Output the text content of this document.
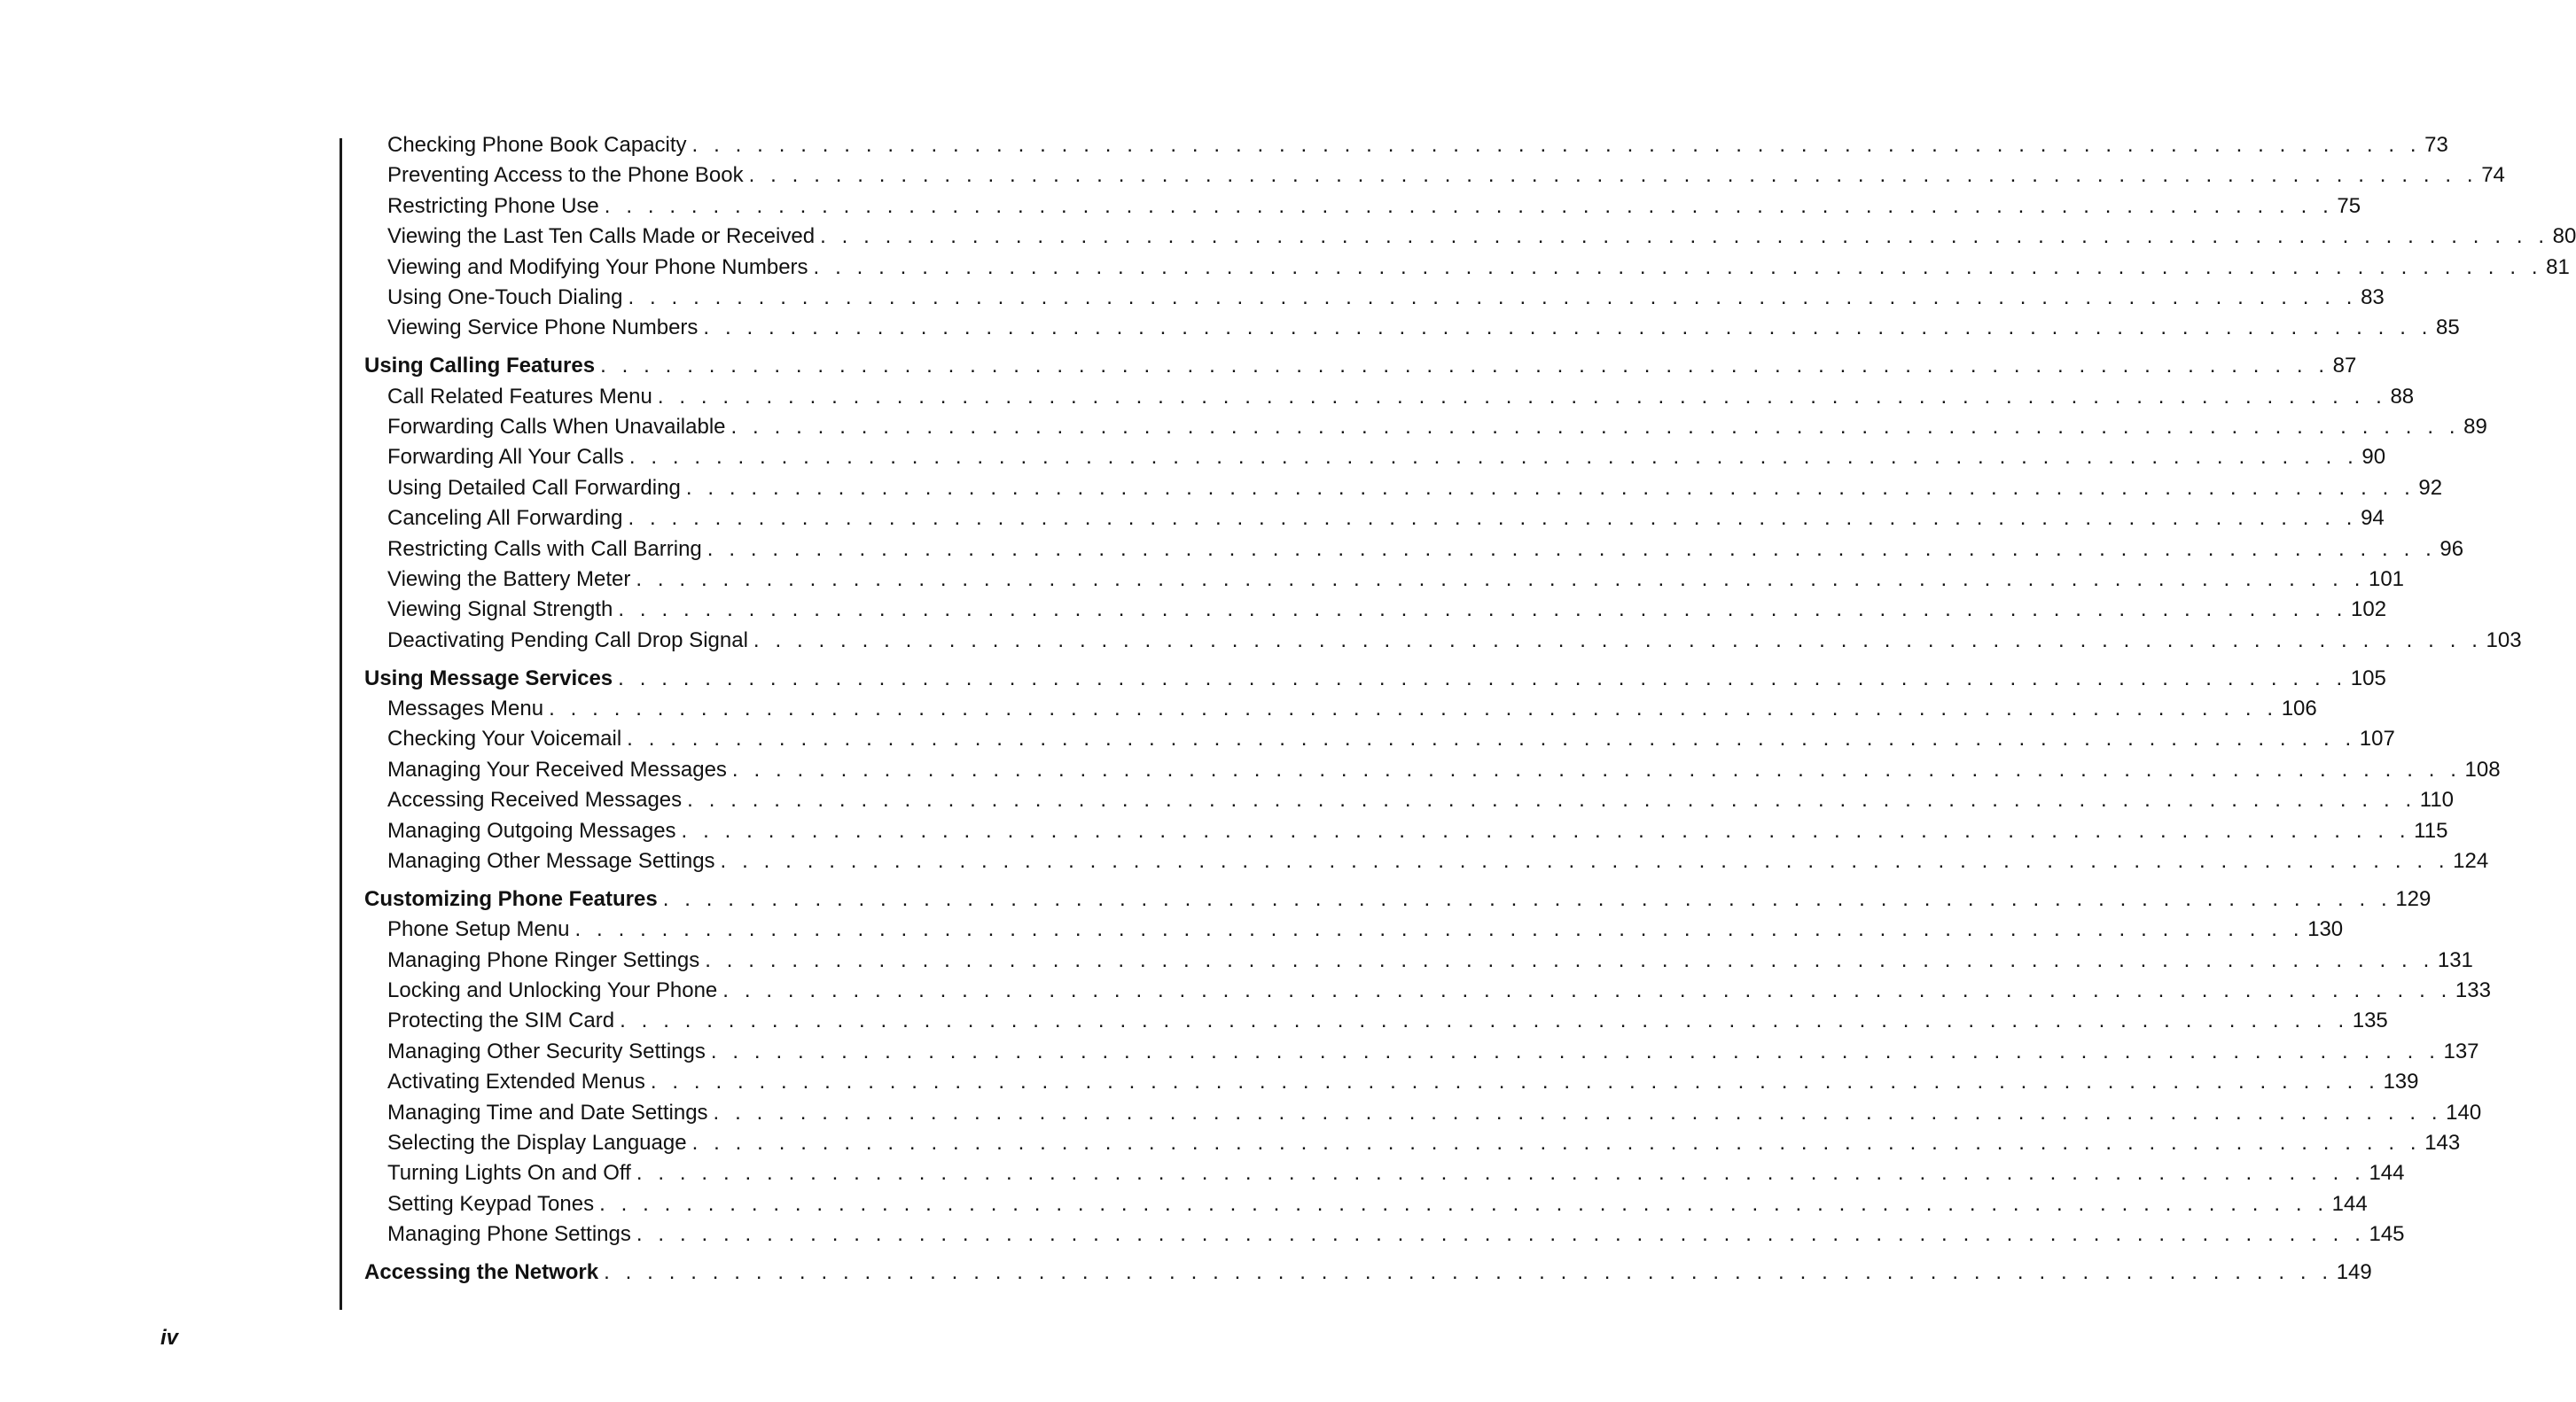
Checking Phone Book Capacity . . . . . . . . . . . . . . . . . . . . . . . . . . . . . . . . . . . . . . . . . . . . . . . . . . . . . . . . . . . . . . . . . . . . . . . . . . . . . . . . 73
Preventing Access to the Phone Book . . . . . . . . . . . . . . . . . . . . . . . . . . . . . . . . . . . . . . . . . . . . . . . . . . . . . . . . . . . . . . . . . . . . . . . . . . . . . . . . 74
Restricting Phone Use . . . . . . . . . . . . . . . . . . . . . . . . . . . . . . . . . . . . . . . . . . . . . . . . . . . . . . . . . . . . . . . . . . . . . . . . . . . . . . . . 75
Viewing the Last Ten Calls Made or Received . . . . . . . . . . . . . . . . . . . . . . . . . . . . . . . . . . . . . . . . . . . . . . . . . . . . . . . . . . . . . . . . . . . . . . . . . . . . . . . . 80
Viewing and Modifying Your Phone Numbers . . . . . . . . . . . . . . . . . . . . . . . . . . . . . . . . . . . . . . . . . . . . . . . . . . . . . . . . . . . . . . . . . . . . . . . . . . . . . . . . 81
Using One-Touch Dialing . . . . . . . . . . . . . . . . . . . . . . . . . . . . . . . . . . . . . . . . . . . . . . . . . . . . . . . . . . . . . . . . . . . . . . . . . . . . . . . . 83
Viewing Service Phone Numbers . . . . . . . . . . . . . . . . . . . . . . . . . . . . . . . . . . . . . . . . . . . . . . . . . . . . . . . . . . . . . . . . . . . . . . . . . . . . . . . . 85
Using Calling Features . . . . . . . . . . . . . . . . . . . . . . . . . . . . . . . . . . . . . . . . . . . . . . . . . . . . . . . . . . . . . . . . . . . . . . . . . . . . . . . . 87
Call Related Features Menu . . . . . . . . . . . . . . . . . . . . . . . . . . . . . . . . . . . . . . . . . . . . . . . . . . . . . . . . . . . . . . . . . . . . . . . . . . . . . . . . 88
Forwarding Calls When Unavailable . . . . . . . . . . . . . . . . . . . . . . . . . . . . . . . . . . . . . . . . . . . . . . . . . . . . . . . . . . . . . . . . . . . . . . . . . . . . . . . . 89
Forwarding All Your Calls . . . . . . . . . . . . . . . . . . . . . . . . . . . . . . . . . . . . . . . . . . . . . . . . . . . . . . . . . . . . . . . . . . . . . . . . . . . . . . . . 90
Using Detailed Call Forwarding . . . . . . . . . . . . . . . . . . . . . . . . . . . . . . . . . . . . . . . . . . . . . . . . . . . . . . . . . . . . . . . . . . . . . . . . . . . . . . . . 92
Canceling All Forwarding . . . . . . . . . . . . . . . . . . . . . . . . . . . . . . . . . . . . . . . . . . . . . . . . . . . . . . . . . . . . . . . . . . . . . . . . . . . . . . . . 94
Restricting Calls with Call Barring . . . . . . . . . . . . . . . . . . . . . . . . . . . . . . . . . . . . . . . . . . . . . . . . . . . . . . . . . . . . . . . . . . . . . . . . . . . . . . . . 96
Viewing the Battery Meter . . . . . . . . . . . . . . . . . . . . . . . . . . . . . . . . . . . . . . . . . . . . . . . . . . . . . . . . . . . . . . . . . . . . . . . . . . . . . . . . 101
Viewing Signal Strength . . . . . . . . . . . . . . . . . . . . . . . . . . . . . . . . . . . . . . . . . . . . . . . . . . . . . . . . . . . . . . . . . . . . . . . . . . . . . . . . 102
Deactivating Pending Call Drop Signal . . . . . . . . . . . . . . . . . . . . . . . . . . . . . . . . . . . . . . . . . . . . . . . . . . . . . . . . . . . . . . . . . . . . . . . . . . . . . . . . 103
Using Message Services . . . . . . . . . . . . . . . . . . . . . . . . . . . . . . . . . . . . . . . . . . . . . . . . . . . . . . . . . . . . . . . . . . . . . . . . . . . . . . . . 105
Messages Menu . . . . . . . . . . . . . . . . . . . . . . . . . . . . . . . . . . . . . . . . . . . . . . . . . . . . . . . . . . . . . . . . . . . . . . . . . . . . . . . . 106
Checking Your Voicemail . . . . . . . . . . . . . . . . . . . . . . . . . . . . . . . . . . . . . . . . . . . . . . . . . . . . . . . . . . . . . . . . . . . . . . . . . . . . . . . . 107
Managing Your Received Messages . . . . . . . . . . . . . . . . . . . . . . . . . . . . . . . . . . . . . . . . . . . . . . . . . . . . . . . . . . . . . . . . . . . . . . . . . . . . . . . . 108
Accessing Received Messages . . . . . . . . . . . . . . . . . . . . . . . . . . . . . . . . . . . . . . . . . . . . . . . . . . . . . . . . . . . . . . . . . . . . . . . . . . . . . . . . 110
Managing Outgoing Messages . . . . . . . . . . . . . . . . . . . . . . . . . . . . . . . . . . . . . . . . . . . . . . . . . . . . . . . . . . . . . . . . . . . . . . . . . . . . . . . . 115
Managing Other Message Settings . . . . . . . . . . . . . . . . . . . . . . . . . . . . . . . . . . . . . . . . . . . . . . . . . . . . . . . . . . . . . . . . . . . . . . . . . . . . . . . . 124
Customizing Phone Features . . . . . . . . . . . . . . . . . . . . . . . . . . . . . . . . . . . . . . . . . . . . . . . . . . . . . . . . . . . . . . . . . . . . . . . . . . . . . . . . 129
Phone Setup Menu . . . . . . . . . . . . . . . . . . . . . . . . . . . . . . . . . . . . . . . . . . . . . . . . . . . . . . . . . . . . . . . . . . . . . . . . . . . . . . . . 130
Managing Phone Ringer Settings . . . . . . . . . . . . . . . . . . . . . . . . . . . . . . . . . . . . . . . . . . . . . . . . . . . . . . . . . . . . . . . . . . . . . . . . . . . . . . . . 131
Locking and Unlocking Your Phone . . . . . . . . . . . . . . . . . . . . . . . . . . . . . . . . . . . . . . . . . . . . . . . . . . . . . . . . . . . . . . . . . . . . . . . . . . . . . . . . 133
Protecting the SIM Card . . . . . . . . . . . . . . . . . . . . . . . . . . . . . . . . . . . . . . . . . . . . . . . . . . . . . . . . . . . . . . . . . . . . . . . . . . . . . . . . 135
Managing Other Security Settings . . . . . . . . . . . . . . . . . . . . . . . . . . . . . . . . . . . . . . . . . . . . . . . . . . . . . . . . . . . . . . . . . . . . . . . . . . . . . . . . 137
Activating Extended Menus . . . . . . . . . . . . . . . . . . . . . . . . . . . . . . . . . . . . . . . . . . . . . . . . . . . . . . . . . . . . . . . . . . . . . . . . . . . . . . . . 139
Managing Time and Date Settings . . . . . . . . . . . . . . . . . . . . . . . . . . . . . . . . . . . . . . . . . . . . . . . . . . . . . . . . . . . . . . . . . . . . . . . . . . . . . . . . 140
Selecting the Display Language . . . . . . . . . . . . . . . . . . . . . . . . . . . . . . . . . . . . . . . . . . . . . . . . . . . . . . . . . . . . . . . . . . . . . . . . . . . . . . . . 143
Turning Lights On and Off . . . . . . . . . . . . . . . . . . . . . . . . . . . . . . . . . . . . . . . . . . . . . . . . . . . . . . . . . . . . . . . . . . . . . . . . . . . . . . . . 144
Setting Keypad Tones . . . . . . . . . . . . . . . . . . . . . . . . . . . . . . . . . . . . . . . . . . . . . . . . . . . . . . . . . . . . . . . . . . . . . . . . . . . . . . . . 144
Managing Phone Settings . . . . . . . . . . . . . . . . . . . . . . . . . . . . . . . . . . . . . . . . . . . . . . . . . . . . . . . . . . . . . . . . . . . . . . . . . . . . . . . . 145
Accessing the Network . . . . . . . . . . . . . . . . . . . . . . . . . . . . . . . . . . . . . . . . . . . . . . . . . . . . . . . . . . . . . . . . . . . . . . . . . . . . . . . . 149
iv
